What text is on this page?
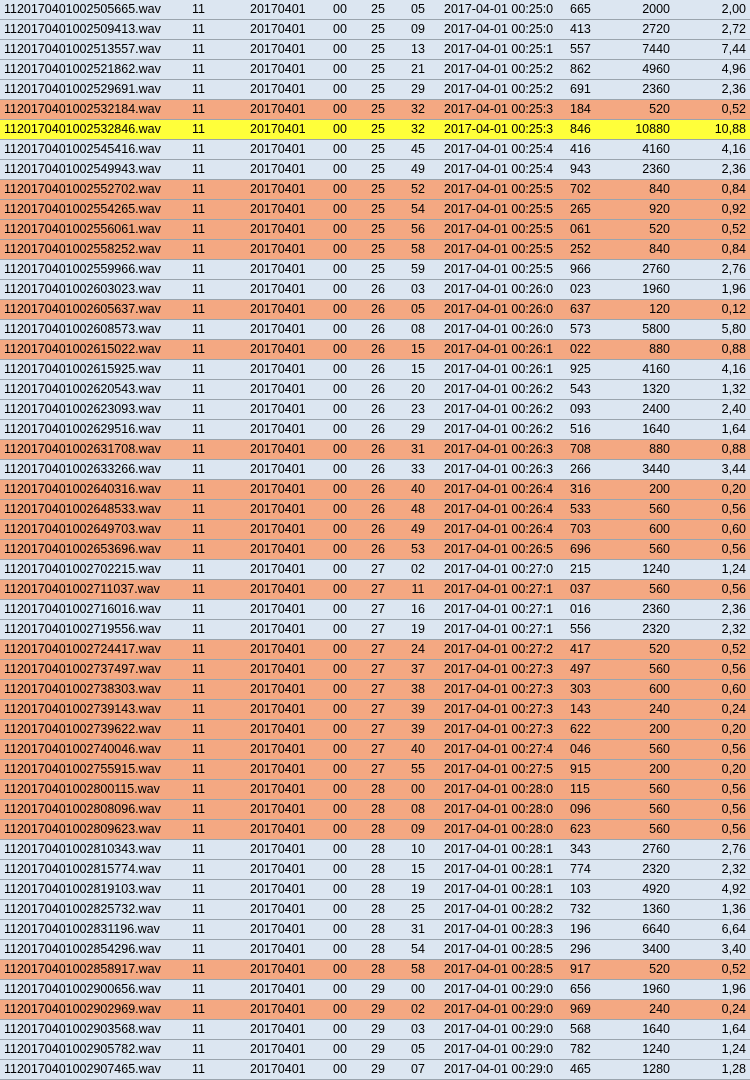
1120170401002505665.wav	11	20170401	00	25	05	2017-04-01 00:25:0	665	2000	2,00
1120170401002509413.wav	11	20170401	00	25	09	2017-04-01 00:25:0	413	2720	2,72
1120170401002513557.wav	11	20170401	00	25	13	2017-04-01 00:25:1	557	7440	7,44
1120170401002521862.wav	11	20170401	00	25	21	2017-04-01 00:25:2	862	4960	4,96
1120170401002529691.wav	11	20170401	00	25	29	2017-04-01 00:25:2	691	2360	2,36
1120170401002532184.wav	11	20170401	00	25	32	2017-04-01 00:25:3	184	520	0,52
1120170401002532846.wav	11	20170401	00	25	32	2017-04-01 00:25:3	846	10880	10,88
1120170401002545416.wav	11	20170401	00	25	45	2017-04-01 00:25:4	416	4160	4,16
1120170401002549943.wav	11	20170401	00	25	49	2017-04-01 00:25:4	943	2360	2,36
1120170401002552702.wav	11	20170401	00	25	52	2017-04-01 00:25:5	702	840	0,84
1120170401002554265.wav	11	20170401	00	25	54	2017-04-01 00:25:5	265	920	0,92
1120170401002556061.wav	11	20170401	00	25	56	2017-04-01 00:25:5	061	520	0,52
1120170401002558252.wav	11	20170401	00	25	58	2017-04-01 00:25:5	252	840	0,84
1120170401002559966.wav	11	20170401	00	25	59	2017-04-01 00:25:5	966	2760	2,76
1120170401002603023.wav	11	20170401	00	26	03	2017-04-01 00:26:0	023	1960	1,96
1120170401002605637.wav	11	20170401	00	26	05	2017-04-01 00:26:0	637	120	0,12
1120170401002608573.wav	11	20170401	00	26	08	2017-04-01 00:26:0	573	5800	5,80
1120170401002615022.wav	11	20170401	00	26	15	2017-04-01 00:26:1	022	880	0,88
1120170401002615925.wav	11	20170401	00	26	15	2017-04-01 00:26:1	925	4160	4,16
1120170401002620543.wav	11	20170401	00	26	20	2017-04-01 00:26:2	543	1320	1,32
1120170401002623093.wav	11	20170401	00	26	23	2017-04-01 00:26:2	093	2400	2,40
1120170401002629516.wav	11	20170401	00	26	29	2017-04-01 00:26:2	516	1640	1,64
1120170401002631708.wav	11	20170401	00	26	31	2017-04-01 00:26:3	708	880	0,88
1120170401002633266.wav	11	20170401	00	26	33	2017-04-01 00:26:3	266	3440	3,44
1120170401002640316.wav	11	20170401	00	26	40	2017-04-01 00:26:4	316	200	0,20
1120170401002648533.wav	11	20170401	00	26	48	2017-04-01 00:26:4	533	560	0,56
1120170401002649703.wav	11	20170401	00	26	49	2017-04-01 00:26:4	703	600	0,60
1120170401002653696.wav	11	20170401	00	26	53	2017-04-01 00:26:5	696	560	0,56
1120170401002702215.wav	11	20170401	00	27	02	2017-04-01 00:27:0	215	1240	1,24
1120170401002711037.wav	11	20170401	00	27	11	2017-04-01 00:27:1	037	560	0,56
1120170401002716016.wav	11	20170401	00	27	16	2017-04-01 00:27:1	016	2360	2,36
1120170401002719556.wav	11	20170401	00	27	19	2017-04-01 00:27:1	556	2320	2,32
1120170401002724417.wav	11	20170401	00	27	24	2017-04-01 00:27:2	417	520	0,52
1120170401002737497.wav	11	20170401	00	27	37	2017-04-01 00:27:3	497	560	0,56
1120170401002738303.wav	11	20170401	00	27	38	2017-04-01 00:27:3	303	600	0,60
1120170401002739143.wav	11	20170401	00	27	39	2017-04-01 00:27:3	143	240	0,24
1120170401002739622.wav	11	20170401	00	27	39	2017-04-01 00:27:3	622	200	0,20
1120170401002740046.wav	11	20170401	00	27	40	2017-04-01 00:27:4	046	560	0,56
1120170401002755915.wav	11	20170401	00	27	55	2017-04-01 00:27:5	915	200	0,20
1120170401002800115.wav	11	20170401	00	28	00	2017-04-01 00:28:0	115	560	0,56
1120170401002808096.wav	11	20170401	00	28	08	2017-04-01 00:28:0	096	560	0,56
1120170401002809623.wav	11	20170401	00	28	09	2017-04-01 00:28:0	623	560	0,56
1120170401002810343.wav	11	20170401	00	28	10	2017-04-01 00:28:1	343	2760	2,76
1120170401002815774.wav	11	20170401	00	28	15	2017-04-01 00:28:1	774	2320	2,32
1120170401002819103.wav	11	20170401	00	28	19	2017-04-01 00:28:1	103	4920	4,92
1120170401002825732.wav	11	20170401	00	28	25	2017-04-01 00:28:2	732	1360	1,36
1120170401002831196.wav	11	20170401	00	28	31	2017-04-01 00:28:3	196	6640	6,64
1120170401002854296.wav	11	20170401	00	28	54	2017-04-01 00:28:5	296	3400	3,40
1120170401002858917.wav	11	20170401	00	28	58	2017-04-01 00:28:5	917	520	0,52
1120170401002900656.wav	11	20170401	00	29	00	2017-04-01 00:29:0	656	1960	1,96
1120170401002902969.wav	11	20170401	00	29	02	2017-04-01 00:29:0	969	240	0,24
1120170401002903568.wav	11	20170401	00	29	03	2017-04-01 00:29:0	568	1640	1,64
1120170401002905782.wav	11	20170401	00	29	05	2017-04-01 00:29:0	782	1240	1,24
1120170401002907465.wav	11	20170401	00	29	07	2017-04-01 00:29:0	465	1280	1,28
